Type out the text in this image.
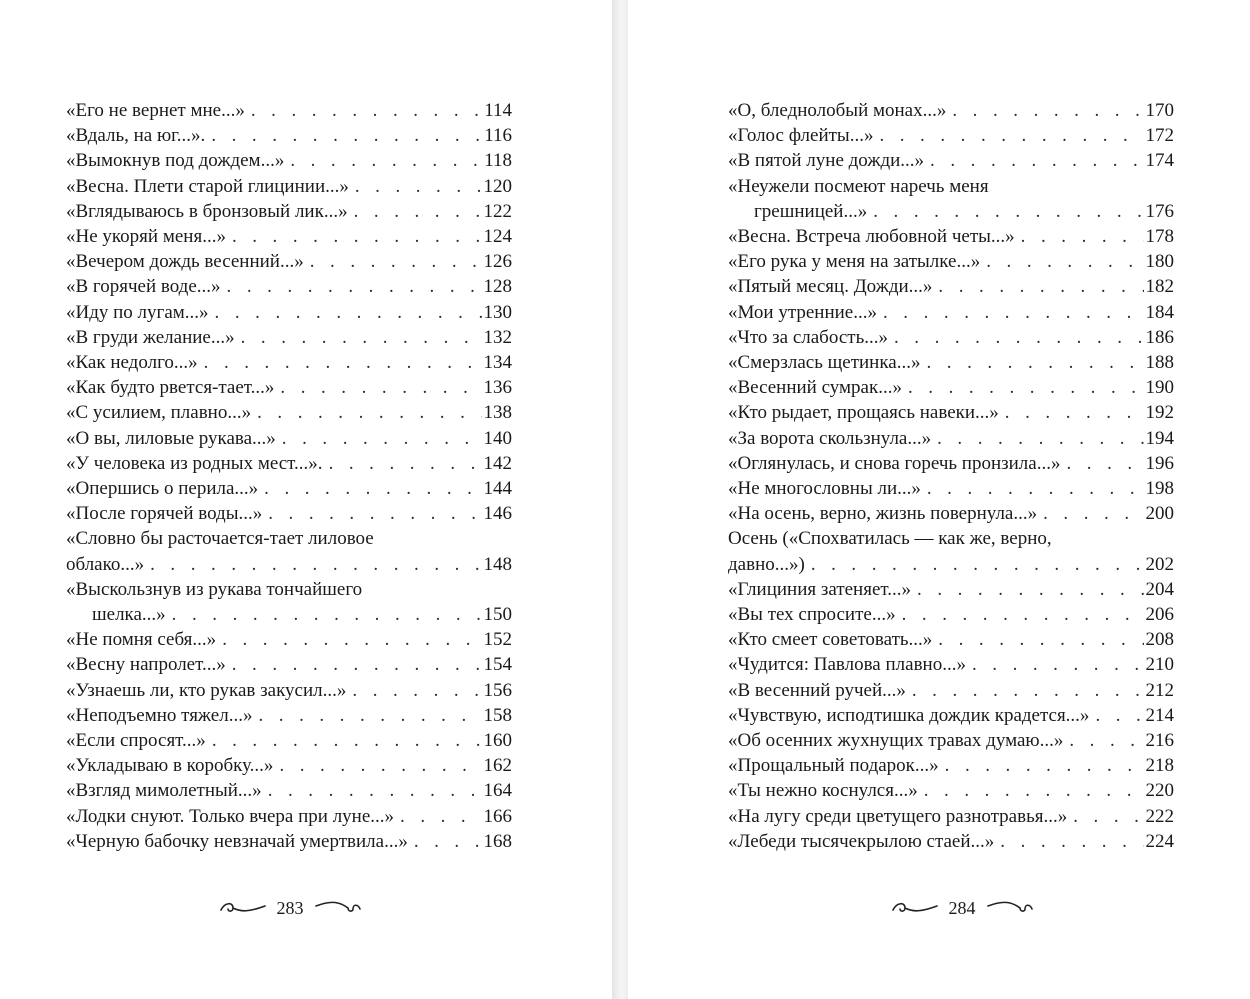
«Его не вернет мне...» . . .	114
«Вдаль, на юг...». . . .	116
«Вымокнув под дождем...» . . .	118
«Весна. Плети старой глицинии...» . . .	120
«Вглядываюсь в бронзовый лик...» . . .	122
«Не укоряй меня...» . . .	124
«Вечером дождь весенний...» . . .	126
«В горячей воде...» . . .	128
«Иду по лугам...» . . .	130
«В груди желание...» . . .	132
«Как недолго...» . . .	134
«Как будто рвется-тает...» . . .	136
«С усилием, плавно...» . . .	138
«О вы, лиловые рукава...» . . .	140
«У человека из родных мест...». . . .	142
«Опершись о перила...» . . .	144
«После горячей воды...» . . .	146
«Словно бы расточается-тает лиловое
облако...» . . .	148
«Выскользнув из рукава тончайшего
шелка...» . . .	150
«Не помня себя...» . . .	152
«Весну напролет...» . . .	154
«Узнаешь ли, кто рукав закусил...» . . .	156
«Неподъемно тяжел...» . . .	158
«Если спросят...» . . .	160
«Укладываю в коробку...» . . .	162
«Взгляд мимолетный...» . . .	164
«Лодки снуют. Только вчера при луне...» . . .	166
«Черную бабочку невзначай умертвила...» . . .	168
283
«О, бледнолобый монах...» . . .	170
«Голос флейты...» . . .	172
«В пятой луне дожди...» . . .	174
«Неужели посмеют наречь меня
грешницей...» . . .	176
«Весна. Встреча любовной четы...» . . .	178
«Его рука у меня на затылке...» . . .	180
«Пятый месяц. Дожди...» . . .	182
«Мои утренние...» . . .	184
«Что за слабость...» . . .	186
«Смерзлась щетинка...» . . .	188
«Весенний сумрак...» . . .	190
«Кто рыдает, прощаясь навеки...» . . .	192
«За ворота скользнула...» . . .	194
«Оглянулась, и снова горечь пронзила...» . . .	196
«Не многословны ли...» . . .	198
«На осень, верно, жизнь повернула...» . . .	200
Осень («Спохватилась — как же, верно,
давно...») . . .	202
«Глициния затеняет...» . . .	204
«Вы тех спросите...» . . .	206
«Кто смеет советовать...» . . .	208
«Чудится: Павлова плавно...» . . .	210
«В весенний ручей...» . . .	212
«Чувствую, исподтишка дождик крадется...» . . .	214
«Об осенних жухнущих травах думаю...» . . .	216
«Прощальный подарок...» . . .	218
«Ты нежно коснулся...» . . .	220
«На лугу среди цветущего разнотравья...» . . .	222
«Лебеди тысячекрылою стаей...» . . .	224
284
